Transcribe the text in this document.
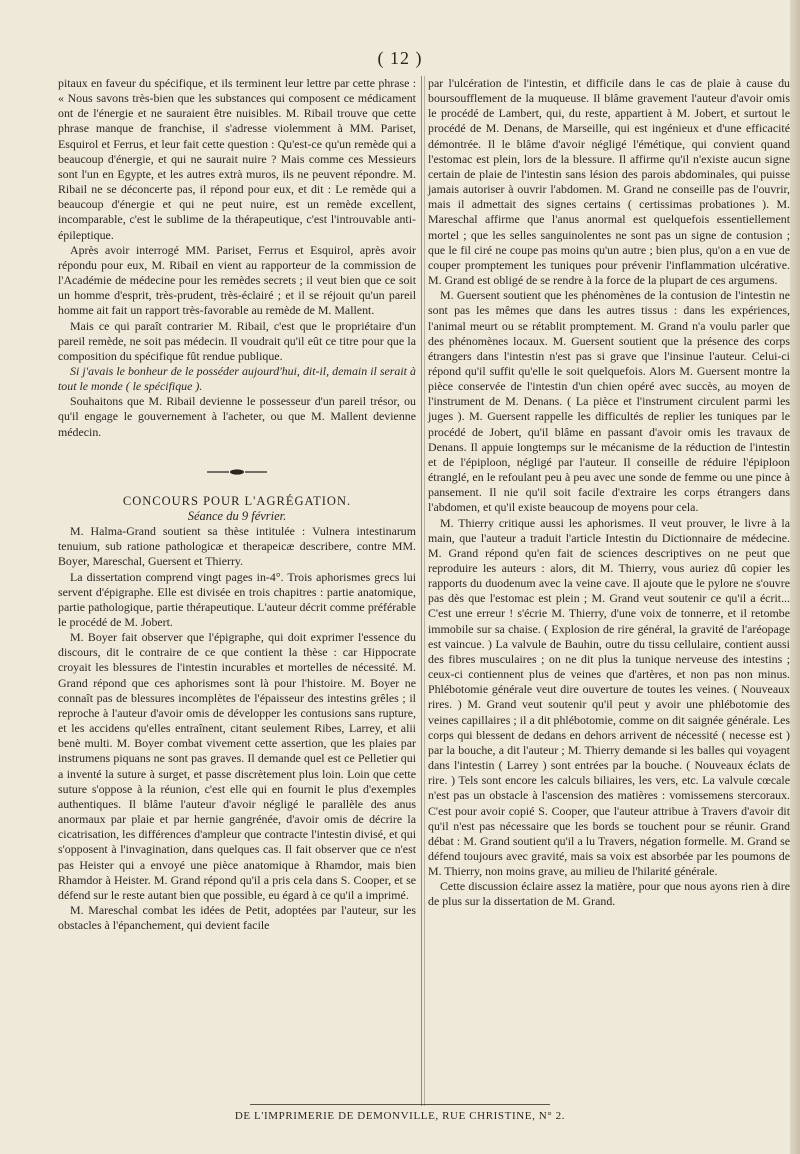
( 12 )

pitaux en faveur du spécifique, et ils terminent leur lettre par cette phrase : « Nous savons très-bien que les substances qui composent ce médicament ont de l'énergie et ne sauraient être nuisibles. M. Ribail trouve que cette phrase manque de franchise, il s'adresse violemment à MM. Pariset, Esquirol et Ferrus, et leur fait cette question : Qu'est-ce qu'un remède qui a beaucoup d'énergie, et qui ne saurait nuire ? Mais comme ces Messieurs sont l'un en Egypte, et les autres extrà muros, ils ne peuvent répondre. M. Ribail ne se déconcerte pas, il répond pour eux, et dit : Le remède qui a beaucoup d'énergie et qui ne peut nuire, est un remède excellent, incomparable, c'est le sublime de la thérapeutique, c'est l'introuvable anti-épileptique.

Après avoir interrogé MM. Pariset, Ferrus et Esquirol, après avoir répondu pour eux, M. Ribail en vient au rapporteur de la commission de l'Académie de médecine pour les remèdes secrets ; il veut bien que ce soit un homme d'esprit, très-prudent, très-éclairé ; et il se réjouit qu'un pareil homme ait fait un rapport très-favorable au remède de M. Mallent.

Mais ce qui paraît contrarier M. Ribail, c'est que le propriétaire d'un pareil remède, ne soit pas médecin. Il voudrait qu'il eût ce titre pour que la composition du spécifique fût rendue publique.

Si j'avais le bonheur de le posséder aujourd'hui, dit-il, demain il serait à tout le monde ( le spécifique ).

Souhaitons que M. Ribail devienne le possesseur d'un pareil trésor, ou qu'il engage le gouvernement à l'acheter, ou que M. Mallent devienne médecin.

CONCOURS POUR L'AGRÉGATION.

Séance du 9 février.

M. Halma-Grand soutient sa thèse intitulée : Vulnera intestinarum tenuium, sub ratione pathologicæ et therapeicæ describere, contre MM. Boyer, Mareschal, Guersent et Thierry.

La dissertation comprend vingt pages in-4°. Trois aphorismes grecs lui servent d'épigraphe. Elle est divisée en trois chapitres : partie anatomique, partie pathologique, partie thérapeutique. L'auteur décrit comme préférable le procédé de M. Jobert.

M. Boyer fait observer que l'épigraphe, qui doit exprimer l'essence du discours, dit le contraire de ce que contient la thèse : car Hippocrate croyait les blessures de l'intestin incurables et mortelles de nécessité. M. Grand répond que ces aphorismes sont là pour l'histoire. M. Boyer ne connaît pas de blessures incomplètes de l'épaisseur des intestins grêles ; il reproche à l'auteur d'avoir omis de développer les contusions sans rupture, et les accidens qu'elles entraînent, citant seulement Ribes, Larrey, et alii benè multi. M. Boyer combat vivement cette assertion, que les plaies par instrumens piquans ne sont pas graves. Il demande quel est ce Pelletier qui a inventé la suture à surget, et passe discrètement plus loin. Loin que cette suture s'oppose à la réunion, c'est elle qui en fournit le plus d'exemples authentiques. Il blâme l'auteur d'avoir négligé le parallèle des anus anormaux par plaie et par hernie gangrénée, d'avoir omis de décrire la cicatrisation, les différences d'ampleur que contracte l'intestin divisé, et qui s'opposent à l'invagination, dans quelques cas. Il fait observer que ce n'est pas Heister qui a envoyé une pièce anatomique à Rhamdor, mais bien Rhamdor à Heister. M. Grand répond qu'il a pris cela dans S. Cooper, et se défend sur le reste autant bien que possible, eu égard à ce qu'il a imprimé.

M. Mareschal combat les idées de Petit, adoptées par l'auteur, sur les obstacles à l'épanchement, qui devient facile

par l'ulcération de l'intestin, et difficile dans le cas de plaie à cause du boursoufflement de la muqueuse. Il blâme gravement l'auteur d'avoir omis le procédé de Lambert, qui, du reste, appartient à M. Jobert, et surtout le procédé de M. Denans, de Marseille, qui est ingénieux et d'une efficacité démontrée. Il le blâme d'avoir négligé l'émétique, qui convient quand l'estomac est plein, lors de la blessure. Il affirme qu'il n'existe aucun signe certain de plaie de l'intestin sans lésion des parois abdominales, qui puisse jamais autoriser à ouvrir l'abdomen. M. Grand ne conseille pas de l'ouvrir, mais il admettait des signes certains ( certissimas probationes ). M. Mareschal affirme que l'anus anormal est quelquefois essentiellement mortel ; que les selles sanguinolentes ne sont pas un signe de contusion ; que le fil ciré ne coupe pas moins qu'un autre ; bien plus, qu'on a en vue de couper promptement les tuniques pour prévenir l'inflammation ulcérative. M. Grand est obligé de se rendre à la force de la plupart de ces argumens.

M. Guersent soutient que les phénomènes de la contusion de l'intestin ne sont pas les mêmes que dans les autres tissus : dans les expériences, l'animal meurt ou se rétablit promptement. M. Grand n'a voulu parler que des phénomènes locaux. M. Guersent soutient que la présence des corps étrangers dans l'intestin n'est pas si grave que l'insinue l'auteur. Celui-ci répond qu'il suffit qu'elle le soit quelquefois. Alors M. Guersent montre la pièce conservée de l'intestin d'un chien opéré avec succès, au moyen de l'instrument de M. Denans. ( La pièce et l'instrument circulent parmi les juges ). M. Guersent rappelle les difficultés de replier les tuniques par le procédé de Jobert, qu'il blâme en passant d'avoir omis les travaux de Denans. Il appuie longtemps sur le mécanisme de la réduction de l'intestin et de l'épiploon, négligé par l'auteur. Il conseille de réduire l'épiploon étranglé, en le refoulant peu à peu avec une sonde de femme ou une pince à pansement. Il nie qu'il soit facile d'extraire les corps étrangers dans l'abdomen, et qu'il existe beaucoup de moyens pour cela.

M. Thierry critique aussi les aphorismes. Il veut prouver, le livre à la main, que l'auteur a traduit l'article Intestin du Dictionnaire de médecine. M. Grand répond qu'en fait de sciences descriptives on ne peut que reproduire les auteurs : alors, dit M. Thierry, vous auriez dû copier les rapports du duodenum avec la veine cave. Il ajoute que le pylore ne s'ouvre pas dès que l'estomac est plein ; M. Grand veut soutenir ce qu'il a écrit... C'est une erreur ! s'écrie M. Thierry, d'une voix de tonnerre, et il retombe immobile sur sa chaise. ( Explosion de rire général, la gravité de l'aréopage est vaincue. ) La valvule de Bauhin, outre du tissu cellulaire, contient aussi des fibres musculaires ; on ne dit plus la tunique nerveuse des intestins ; ceux-ci contiennent plus de veines que d'artères, et non pas non minus. Phlébotomie générale veut dire ouverture de toutes les veines. ( Nouveaux rires. ) M. Grand veut soutenir qu'il peut y avoir une phlébotomie des veines capillaires ; il a dit phlébotomie, comme on dit saignée générale. Les corps qui blessent de dedans en dehors arrivent de nécessité ( necesse est ) par la bouche, a dit l'auteur ; M. Thierry demande si les balles qui voyagent dans l'intestin ( Larrey ) sont entrées par la bouche. ( Nouveaux éclats de rire. ) Tels sont encore les calculs biliaires, les vers, etc. La valvule cœcale n'est pas un obstacle à l'ascension des matières : vomissemens stercoraux. C'est pour avoir copié S. Cooper, que l'auteur attribue à Travers d'avoir dit qu'il n'est pas nécessaire que les bords se touchent pour se réunir. Grand débat : M. Grand soutient qu'il a lu Travers, négation formelle. M. Grand se défend toujours avec gravité, mais sa voix est absorbée par les poumons de M. Thierry, non moins grave, au milieu de l'hilarité générale.

Cette discussion éclaire assez la matière, pour que nous ayons rien à dire de plus sur la dissertation de M. Grand.

DE L'IMPRIMERIE DE DEMONVILLE, RUE CHRISTINE, N° 2.
